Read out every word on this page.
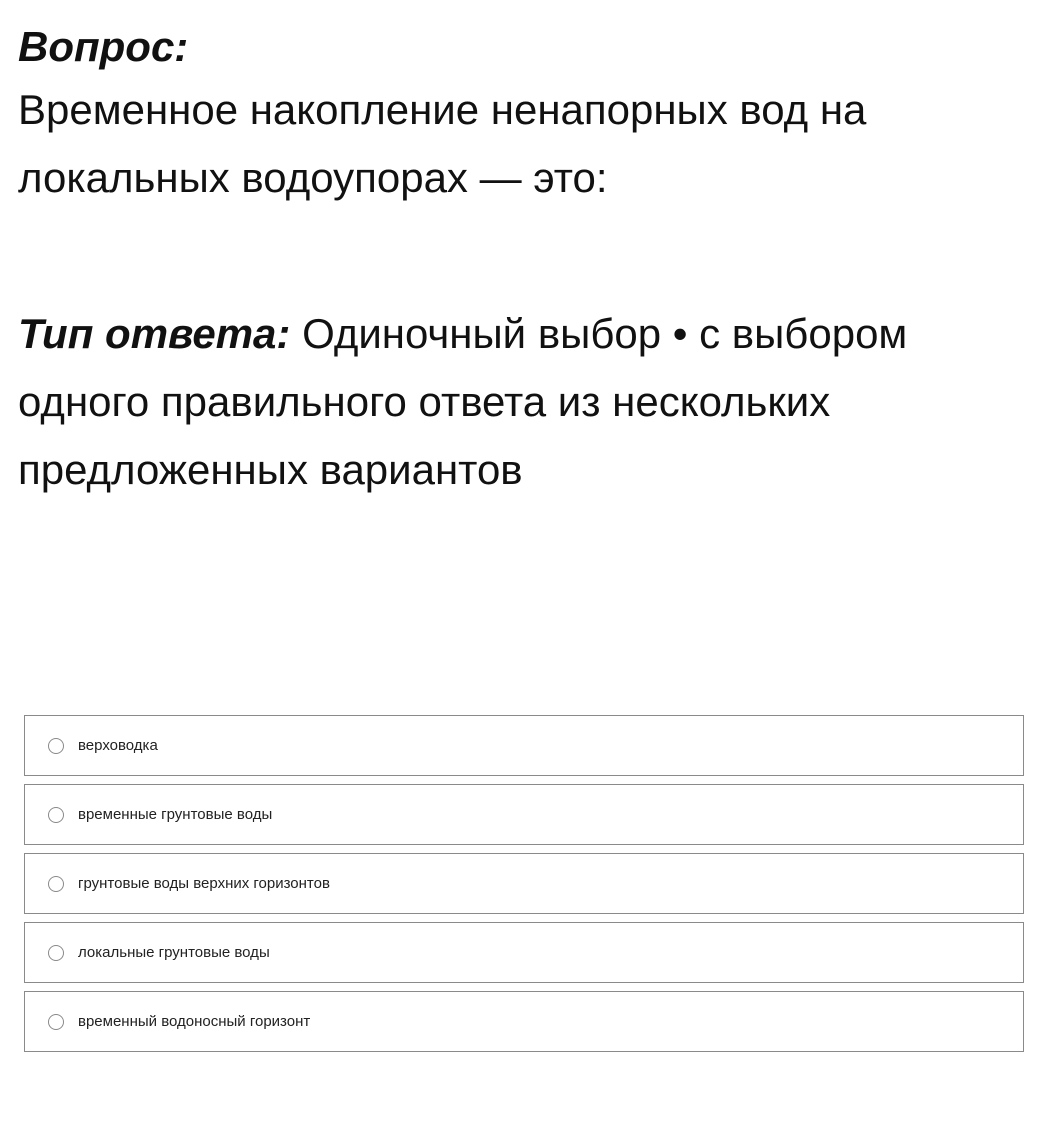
Вопрос:
Временное накопление ненапорных вод на локальных водоупорах — это:
Тип ответа: Одиночный выбор • с выбором одного правильного ответа из нескольких предложенных вариантов
верховодка
временные грунтовые воды
грунтовые воды верхних горизонтов
локальные грунтовые воды
временный водоносный горизонт
